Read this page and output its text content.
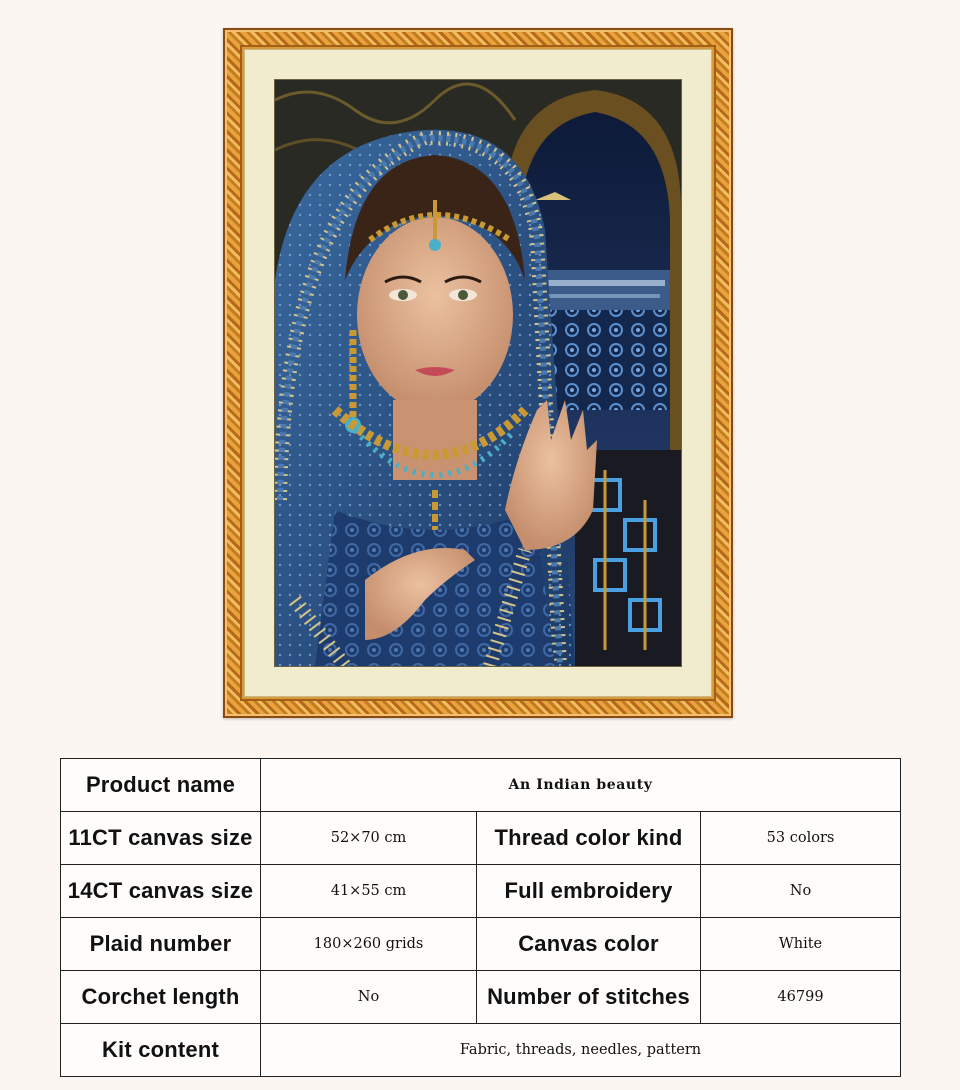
Product name	An Indian beauty		
11CT canvas size	52×70 cm	Thread color kind	53 colors
14CT canvas size	41×55 cm	Full embroidery	No
Plaid number	180×260 grids	Canvas color	White
Corchet length	No	Number of stitches	46799
Kit content	Fabric, threads, needles, pattern		
